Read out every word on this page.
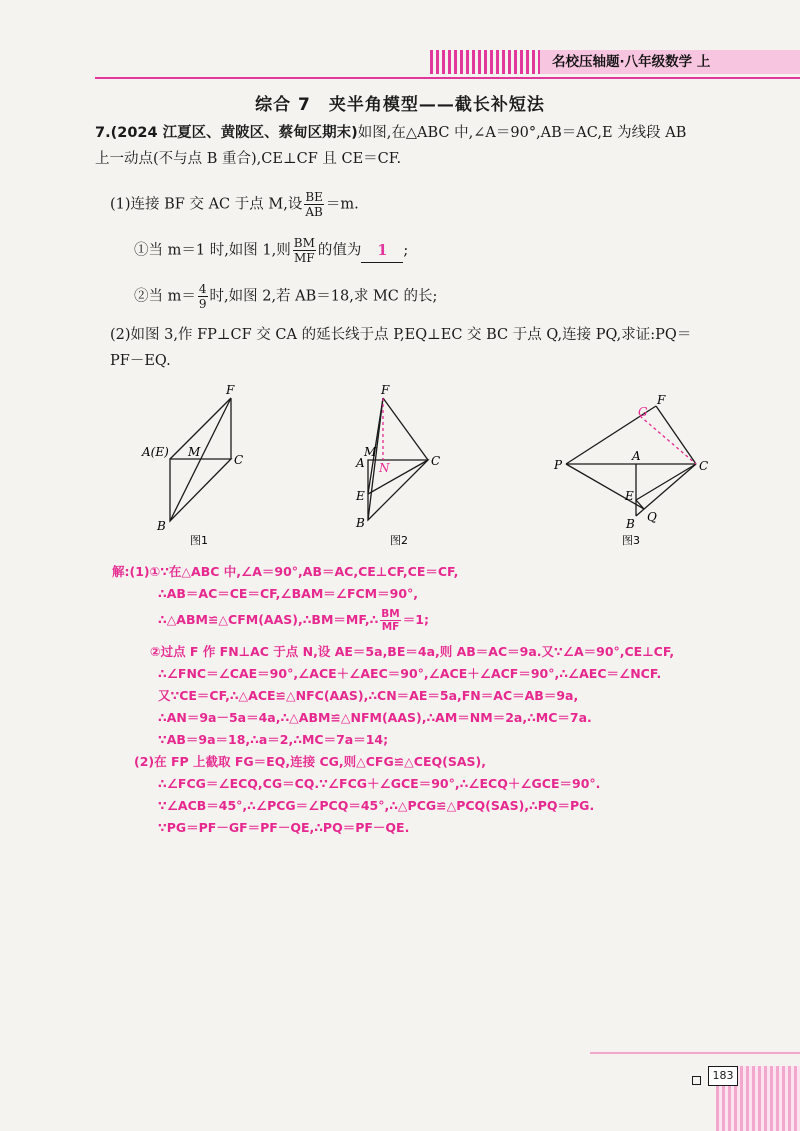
名校压轴题·八年级数学 上
综合 7　夹半角模型——截长补短法
7.(2024 江夏区、黄陂区、蔡甸区期末)如图,在△ABC 中,∠A＝90°,AB＝AC,E 为线段 AB
上一动点(不与点 B 重合),CE⊥CF 且 CE＝CF.
(1)连接 BF 交 AC 于点 M,设 $\frac{BE}{AB} =m$.
①当 m＝1 时,如图 1,则 $\frac{BM}{MF}$ 的值为 1 ;
②当 $m= \frac{4}{9}$ 时,如图 2,若 AB＝18,求 MC 的长;
(2)如图 3,作 FP⊥CF 交 CA 的延长线于点 P,EQ⊥EC 交 BC 于点 Q,连接 PQ,求证:PQ＝
PF－EQ.
F
A(E) M
C
B
图1
F
M
A N	C
E
B
图2
G
F
P
A
C
E
B Q
图3
解:(1)①∵在△ABC 中,∠A＝90°,AB＝AC,CE⊥CF,CE＝CF,
∴AB＝AC＝CE＝CF,∠BAM＝∠FCM＝90°,
∴△ABM≌△CFM(AAS),∴BM＝MF,∴ $\frac{BM}{MF} =1$;
②过点 F 作 FN⊥AC 于点 N,设 AE＝5a,BE＝4a,则 AB＝AC＝9a.又∵∠A＝90°,CE⊥CF,
∴∠FNC＝∠CAE＝90°,∠ACE＋∠AEC＝90°,∠ACE＋∠ACF＝90°,∴∠AEC＝∠NCF.
又∵CE＝CF,∴△ACE≌△NFC(AAS),∴CN＝AE＝5a,FN＝AC＝AB＝9a,
∴AN＝9a－5a＝4a,∴△ABM≌△NFM(AAS),∴AM＝NM＝2a,∴MC＝7a.
∵AB＝9a＝18,∴a＝2,∴MC＝7a＝14;
(2)在 FP 上截取 FG＝EQ,连接 CG,则△CFG≌△CEQ(SAS),
∴∠FCG＝∠ECQ,CG＝CQ.∵∠FCG＋∠GCE＝90°,∴∠ECQ＋∠GCE＝90°.
∵∠ACB＝45°,∴∠PCG＝∠PCQ＝45°,∴△PCG≌△PCQ(SAS),∴PQ＝PG.
∵PG＝PF－GF＝PF－QE,∴PQ＝PF－QE.
183
